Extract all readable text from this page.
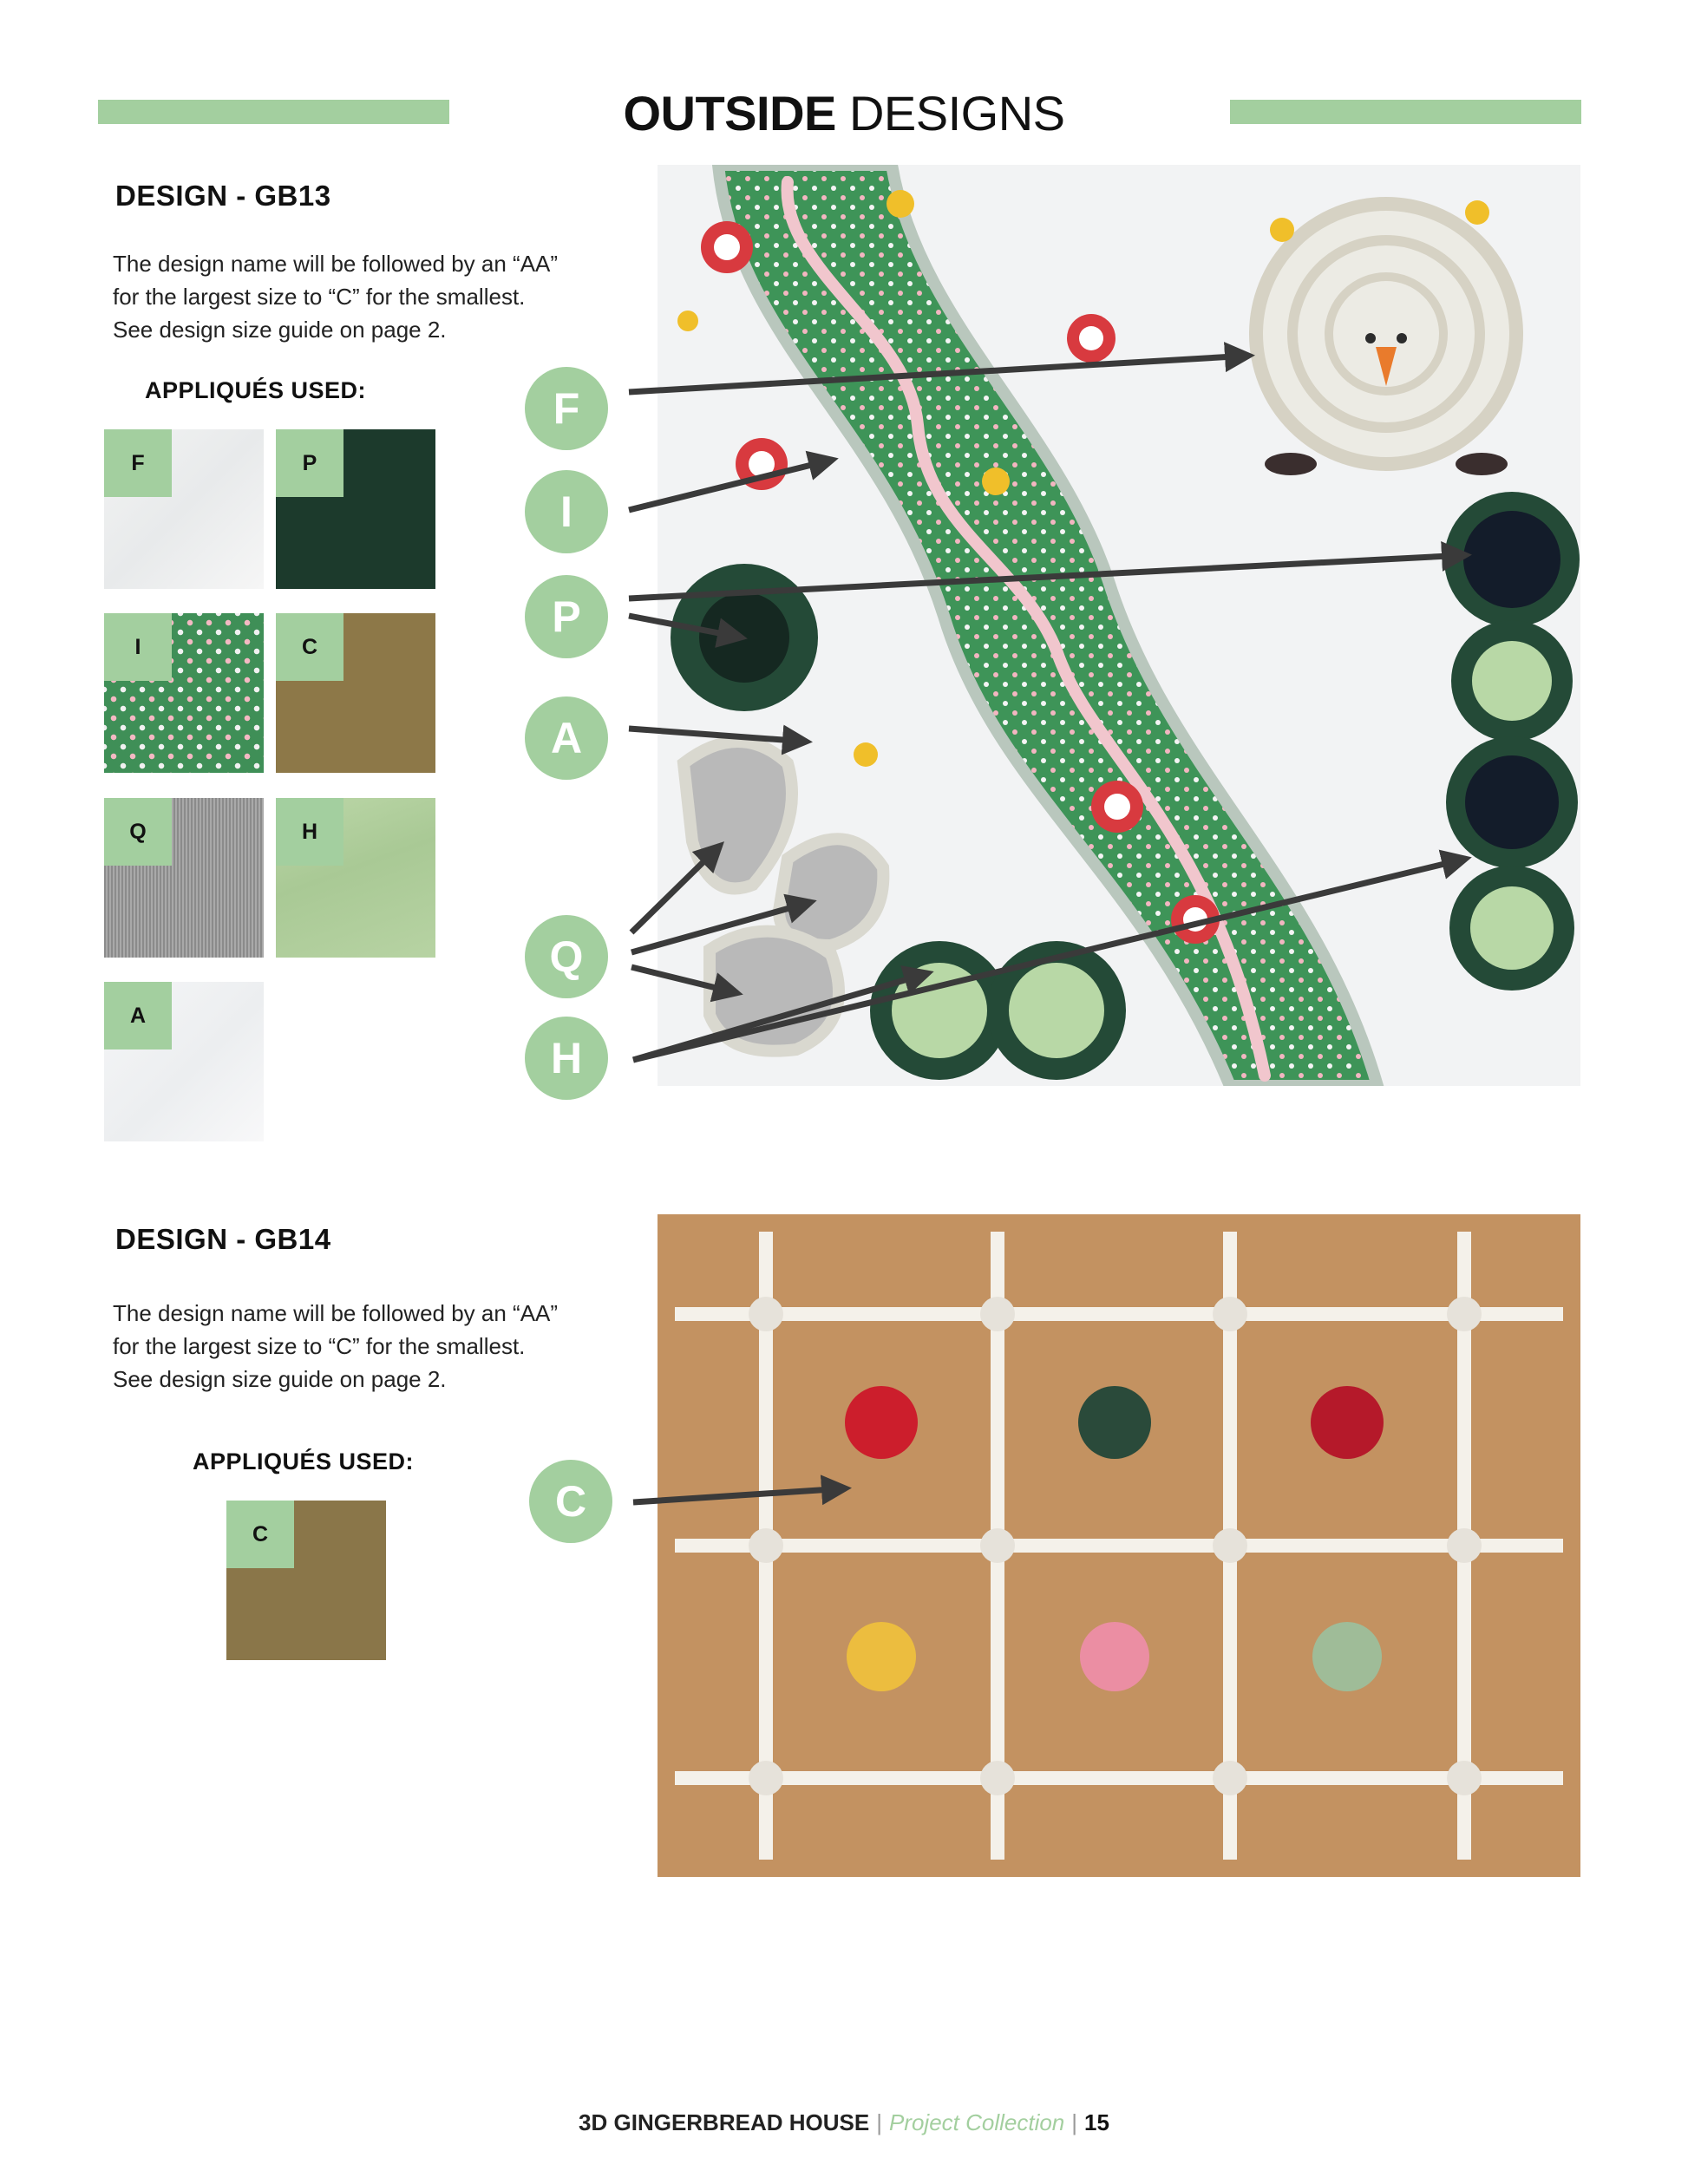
OUTSIDE DESIGNS
DESIGN - GB13
The design name will be followed by an “AA”
for the largest size to “C” for the smallest.
See design size guide on page 2.
APPLIQUÉS USED:
F	P
I	C
Q	H
A
F
I
P
A
Q
H
DESIGN - GB14
The design name will be followed by an “AA”
for the largest size to “C” for the smallest.
See design size guide on page 2.
APPLIQUÉS USED:
C
C
3D GINGERBREAD HOUSE | Project Collection | 15
